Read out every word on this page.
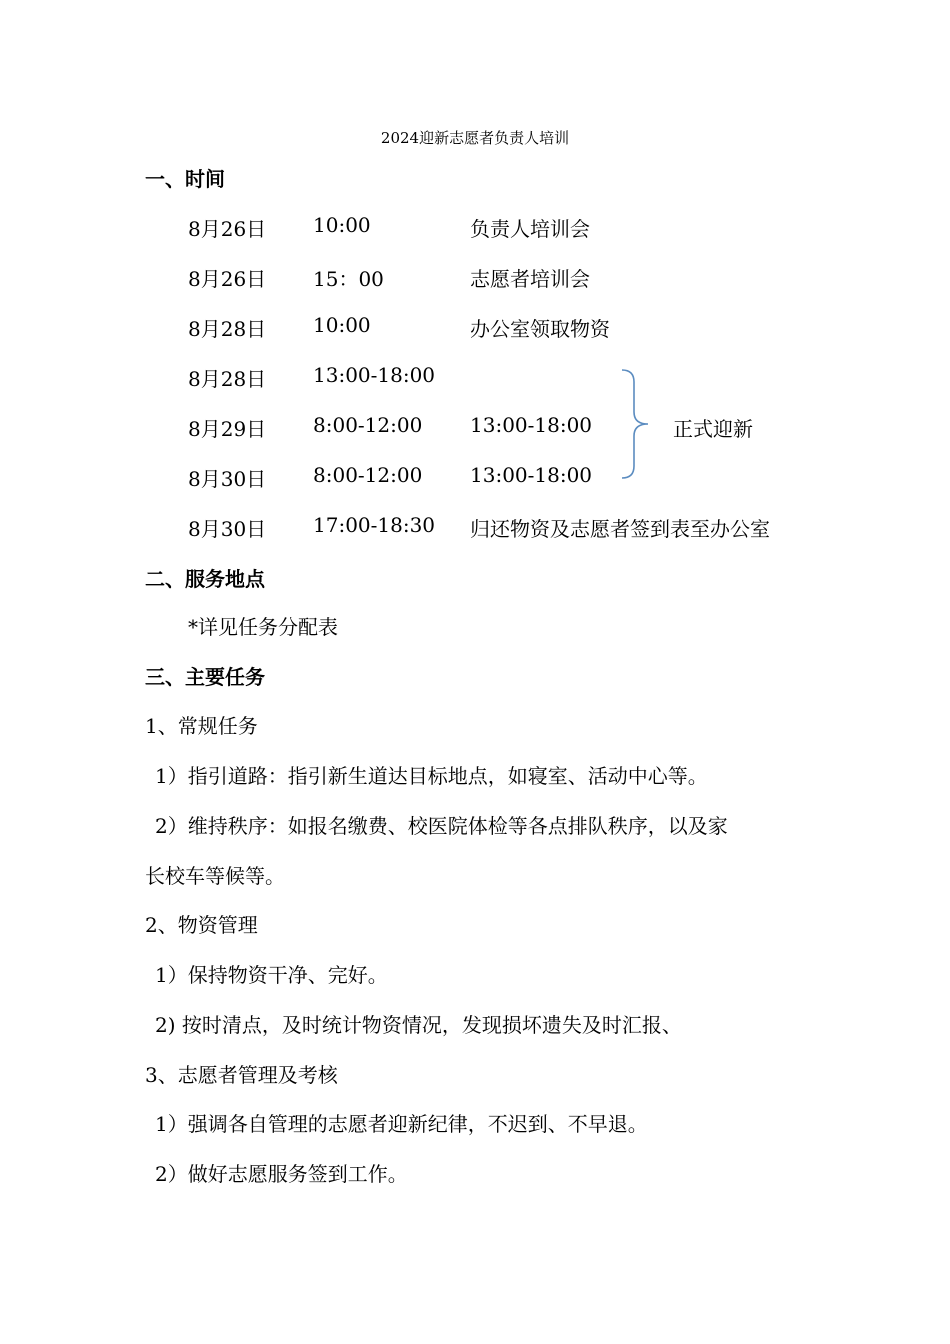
2024迎新志愿者负责人培训
一、时间
8月26日 10:00	负责人培训会
8月26日 15：00	志愿者培训会
8月28日 10:00	办公室领取物资
8月28日 13:00-18:00
8月29日 8:00-12:00 13:00-18:00
8月30日 8:00-12:00 13:00-18:00
8月30日 17:00-18:30 归还物资及志愿者签到表至办公室
正式迎新
二、服务地点
*详见任务分配表
三、主要任务
1、常规任务
1）指引道路：指引新生道达目标地点，如寝室、活动中心等。
2）维持秩序：如报名缴费、校医院体检等各点排队秩序，以及家
长校车等候等。
2、物资管理
1）保持物资干净、完好。
2) 按时清点，及时统计物资情况，发现损坏遗失及时汇报、
3、志愿者管理及考核
1）强调各自管理的志愿者迎新纪律，不迟到、不早退。
2）做好志愿服务签到工作。
